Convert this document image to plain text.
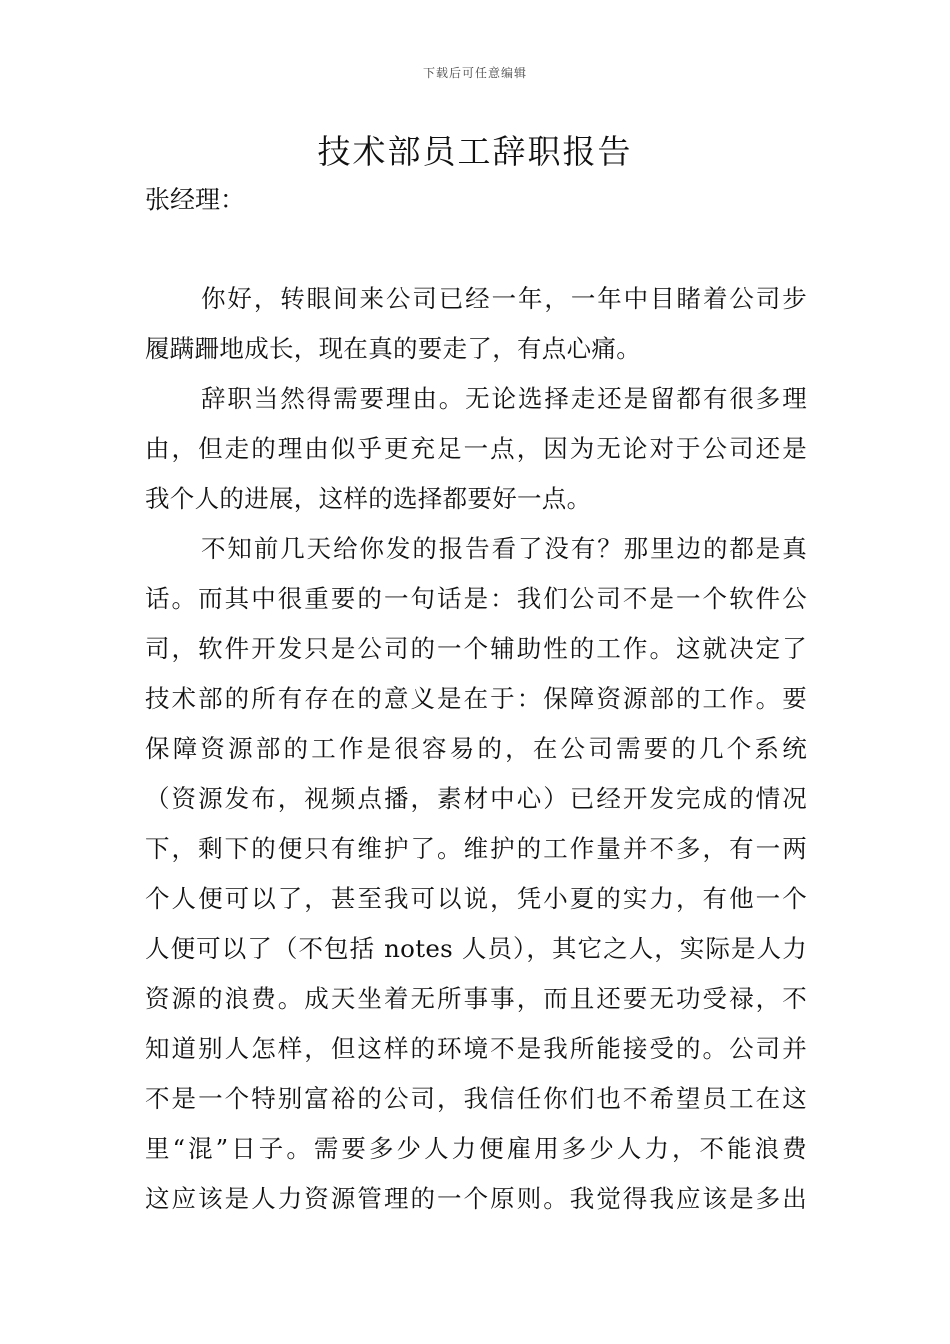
下载后可任意编辑
技术部员工辞职报告
张经理：
你好，转眼间来公司已经一年，一年中目睹着公司步
履蹒跚地成长，现在真的要走了，有点心痛。
辞职当然得需要理由。无论选择走还是留都有很多理
由，但走的理由似乎更充足一点，因为无论对于公司还是
我个人的进展，这样的选择都要好一点。
不知前几天给你发的报告看了没有？那里边的都是真
话。而其中很重要的一句话是：我们公司不是一个软件公
司，软件开发只是公司的一个辅助性的工作。这就决定了
技术部的所有存在的意义是在于：保障资源部的工作。要
保障资源部的工作是很容易的，在公司需要的几个系统
（资源发布，视频点播，素材中心）已经开发完成的情况
下，剩下的便只有维护了。维护的工作量并不多，有一两
个人便可以了，甚至我可以说，凭小夏的实力，有他一个
人便可以了（不包括 notes 人员），其它之人，实际是人力
资源的浪费。成天坐着无所事事，而且还要无功受禄，不
知道别人怎样，但这样的环境不是我所能接受的。公司并
不是一个特别富裕的公司，我信任你们也不希望员工在这
里“混”日子。需要多少人力便雇用多少人力，不能浪费
这应该是人力资源管理的一个原则。我觉得我应该是多出
